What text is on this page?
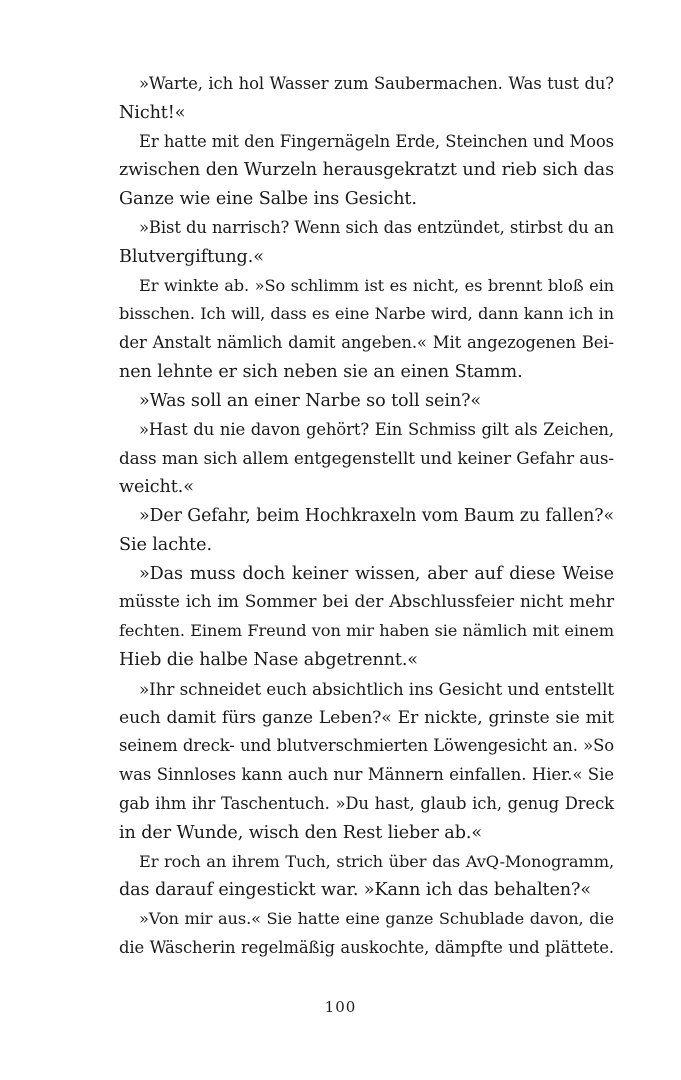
»Warte, ich hol Wasser zum Saubermachen. Was tust du?
Nicht!«
Er hatte mit den Fingernägeln Erde, Steinchen und Moos
zwischen den Wurzeln herausgekratzt und rieb sich das
Ganze wie eine Salbe ins Gesicht.
»Bist du narrisch? Wenn sich das entzündet, stirbst du an
Blutvergiftung.«
Er winkte ab. »So schlimm ist es nicht, es brennt bloß ein
bisschen. Ich will, dass es eine Narbe wird, dann kann ich in
der Anstalt nämlich damit angeben.« Mit angezogenen Bei-
nen lehnte er sich neben sie an einen Stamm.
»Was soll an einer Narbe so toll sein?«
»Hast du nie davon gehört? Ein Schmiss gilt als Zeichen,
dass man sich allem entgegenstellt und keiner Gefahr aus-
weicht.«
»Der Gefahr, beim Hochkraxeln vom Baum zu fallen?«
Sie lachte.
»Das muss doch keiner wissen, aber auf diese Weise
müsste ich im Sommer bei der Abschlussfeier nicht mehr
fechten. Einem Freund von mir haben sie nämlich mit einem
Hieb die halbe Nase abgetrennt.«
»Ihr schneidet euch absichtlich ins Gesicht und entstellt
euch damit fürs ganze Leben?« Er nickte, grinste sie mit
seinem dreck- und blutverschmierten Löwengesicht an. »So
was Sinnloses kann auch nur Männern einfallen. Hier.« Sie
gab ihm ihr Taschentuch. »Du hast, glaub ich, genug Dreck
in der Wunde, wisch den Rest lieber ab.«
Er roch an ihrem Tuch, strich über das AvQ-Monogramm,
das darauf eingestickt war. »Kann ich das behalten?«
»Von mir aus.« Sie hatte eine ganze Schublade davon, die
die Wäscherin regelmäßig auskochte, dämpfte und plättete.
100
